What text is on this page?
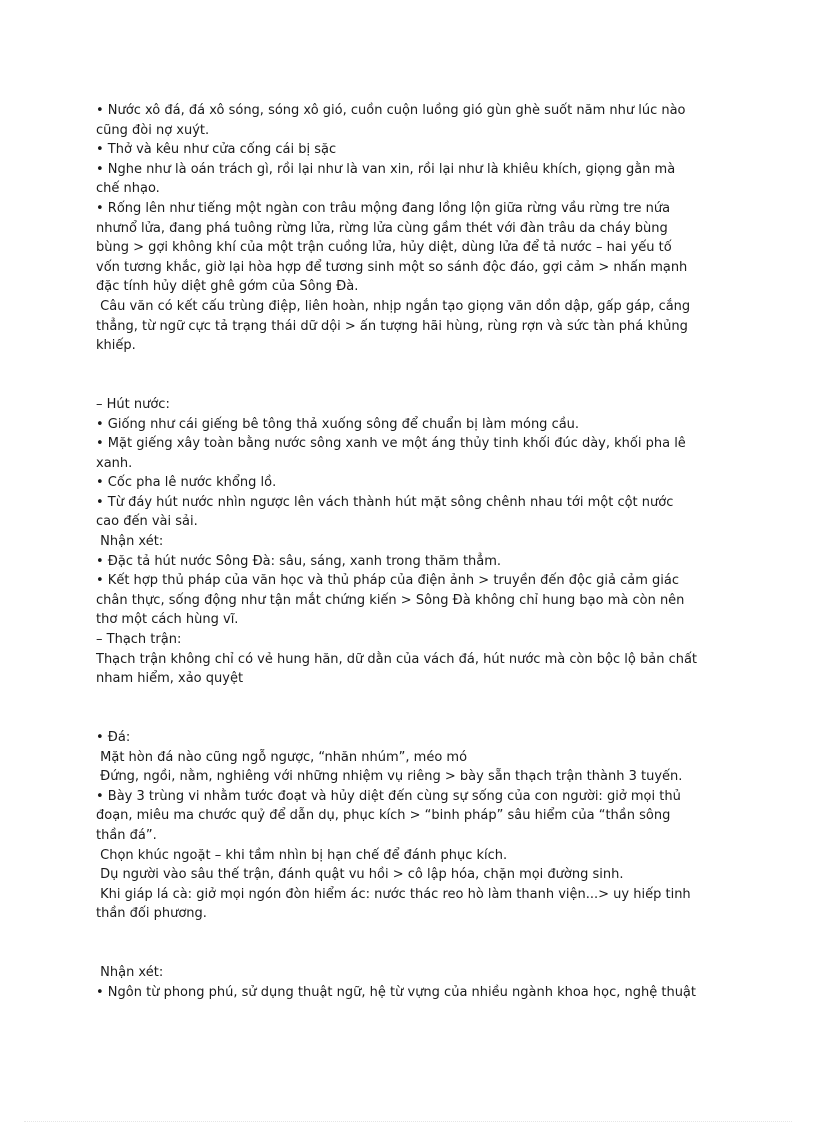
• Nước xô đá, đá xô sóng, sóng xô gió, cuồn cuộn luồng gió gùn ghè suốt năm như lúc nào
cũng đòi nợ xuýt.
• Thở và kêu như cửa cống cái bị sặc
• Nghe như là oán trách gì, rồi lại như là van xin, rồi lại như là khiêu khích, giọng gằn mà
chế nhạo.
• Rống lên như tiếng một ngàn con trâu mộng đang lồng lộn giữa rừng vầu rừng tre nứa
nhưnổ lửa, đang phá tuông rừng lửa, rừng lửa cùng gầm thét với đàn trâu da cháy bùng
bùng > gợi không khí của một trận cuồng lửa, hủy diệt, dùng lửa để tả nước – hai yếu tố
vốn tương khắc, giờ lại hòa hợp để tương sinh một so sánh độc đáo, gợi cảm > nhấn mạnh
đặc tính hủy diệt ghê gớm của Sông Đà.
Câu văn có kết cấu trùng điệp, liên hoàn, nhịp ngắn tạo giọng văn dồn dập, gấp gáp, cắng
thẳng, từ ngữ cực tả trạng thái dữ dội > ấn tượng hãi hùng, rùng rợn và sức tàn phá khủng
khiếp.
– Hút nước:
• Giống như cái giếng bê tông thả xuống sông để chuẩn bị làm móng cầu.
• Mặt giếng xây toàn bằng nước sông xanh ve một áng thủy tinh khối đúc dày, khối pha lê
xanh.
• Cốc pha lê nước khổng lồ.
• Từ đáy hút nước nhìn ngược lên vách thành hút mặt sông chênh nhau tới một cột nước
cao đến vài sải.
Nhận xét:
• Đặc tả hút nước Sông Đà: sâu, sáng, xanh trong thăm thẳm.
• Kết hợp thủ pháp của văn học và thủ pháp của điện ảnh > truyền đến độc giả cảm giác
chân thực, sống động như tận mắt chứng kiến > Sông Đà không chỉ hung bạo mà còn nên
thơ một cách hùng vĩ.
– Thạch trận:
Thạch trận không chỉ có vẻ hung hăn, dữ dằn của vách đá, hút nước mà còn bộc lộ bản chất
nham hiểm, xảo quyệt
• Đá:
Mặt hòn đá nào cũng ngỗ ngược, “nhăn nhúm”, méo mó
Đứng, ngồi, nằm, nghiêng với những nhiệm vụ riêng > bày sẵn thạch trận thành 3 tuyến.
• Bày 3 trùng vi nhằm tước đoạt và hủy diệt đến cùng sự sống của con người: giở mọi thủ
đoạn, miêu ma chước quỷ để dẫn dụ, phục kích > “binh pháp” sâu hiểm của “thần sông
thần đá”.
Chọn khúc ngoặt – khi tầm nhìn bị hạn chế để đánh phục kích.
Dụ người vào sâu thế trận, đánh quật vu hồi > cô lập hóa, chặn mọi đường sinh.
Khi giáp lá cà: giở mọi ngón đòn hiểm ác: nước thác reo hò làm thanh viện...> uy hiếp tinh
thần đối phương.
Nhận xét:
• Ngôn từ phong phú, sử dụng thuật ngữ, hệ từ vựng của nhiều ngành khoa học, nghệ thuật
